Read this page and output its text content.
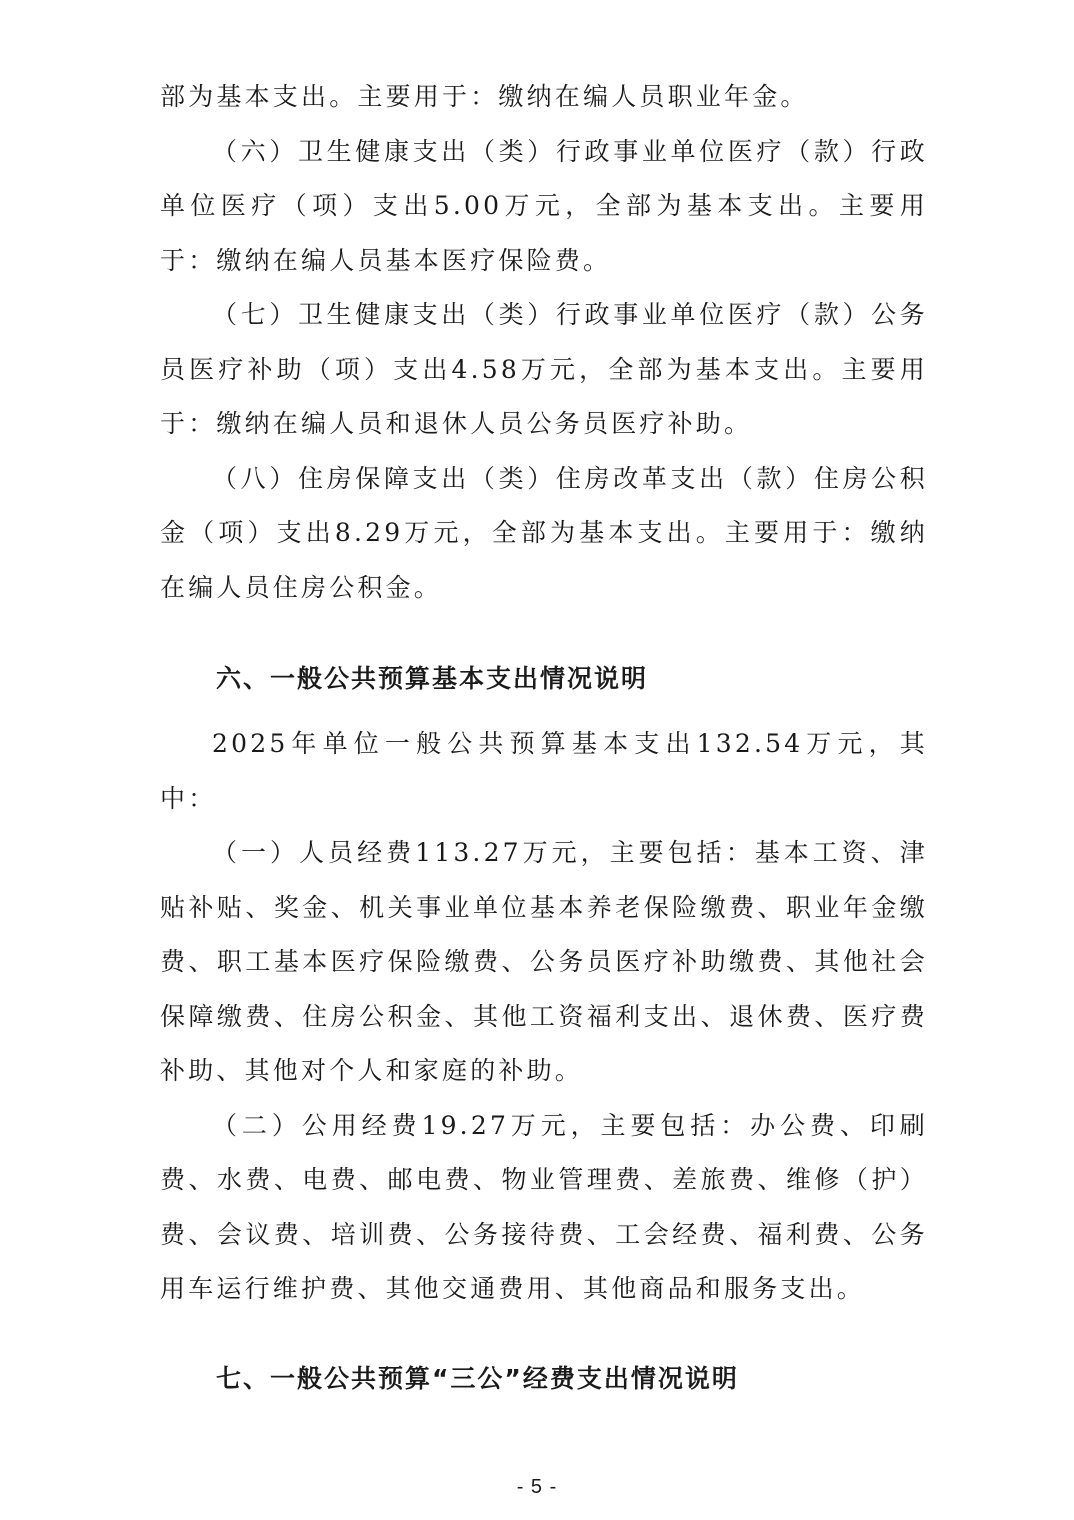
部为基本支出。主要用于：缴纳在编人员职业年金。

（六）卫生健康支出（类）行政事业单位医疗（款）行政单位医疗（项）支出5.00万元，全部为基本支出。主要用于：缴纳在编人员基本医疗保险费。

（七）卫生健康支出（类）行政事业单位医疗（款）公务员医疗补助（项）支出4.58万元，全部为基本支出。主要用于：缴纳在编人员和退休人员公务员医疗补助。

（八）住房保障支出（类）住房改革支出（款）住房公积金（项）支出8.29万元，全部为基本支出。主要用于：缴纳在编人员住房公积金。

六、一般公共预算基本支出情况说明

2025年单位一般公共预算基本支出132.54万元，其中：

（一）人员经费113.27万元，主要包括：基本工资、津贴补贴、奖金、机关事业单位基本养老保险缴费、职业年金缴费、职工基本医疗保险缴费、公务员医疗补助缴费、其他社会保障缴费、住房公积金、其他工资福利支出、退休费、医疗费补助、其他对个人和家庭的补助。

（二）公用经费19.27万元，主要包括：办公费、印刷费、水费、电费、邮电费、物业管理费、差旅费、维修（护）费、会议费、培训费、公务接待费、工会经费、福利费、公务用车运行维护费、其他交通费用、其他商品和服务支出。

七、一般公共预算“三公”经费支出情况说明
- 5 -
